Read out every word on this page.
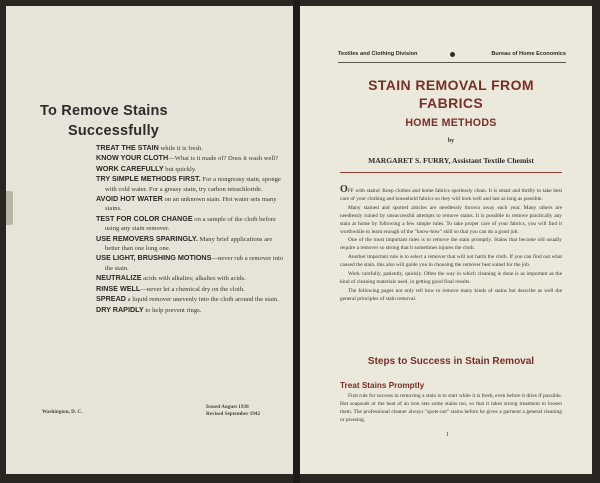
To Remove Stains
Successfully

TREAT THE STAIN while it is fresh.

KNOW YOUR CLOTH—What is it made of? Does it wash well?

WORK CAREFULLY but quickly.

TRY SIMPLE METHODS FIRST. For a nongreasy stain, sponge with cold water. For a greasy stain, try carbon tetrachloride.

AVOID HOT WATER on an unknown stain. Hot water sets many stains.

TEST FOR COLOR CHANGE on a sample of the cloth before using any stain remover.

USE REMOVERS SPARINGLY. Many brief applications are better than one long one.

USE LIGHT, BRUSHING MOTIONS—never rub a remover into the stain.

NEUTRALIZE acids with alkalies; alkalies with acids.

RINSE WELL—never let a chemical dry on the cloth.

SPREAD a liquid remover unevenly into the cloth around the stain.

DRY RAPIDLY to help prevent rings.

Washington, D. C.
Issued August 1938
Revised September 1942
Textiles and Clothing Division	Bureau of Home Economics
STAIN REMOVAL FROM
FABRICS
HOME METHODS
by
MARGARET S. FURRY, Assistant Textile Chemist

OFF with stains! Keep clothes and home fabrics spotlessly clean. It is smart and thrifty to take best care of your clothing and household fabrics so they will look well and last as long as possible.

Many stained and spotted articles are needlessly thrown away each year. Many others are needlessly ruined by unsuccessful attempts to remove stains. It is possible to remove practically any stain at home by following a few simple rules. To take proper care of your fabrics, you will find it worthwhile to learn enough of the "know-how" skill so that you can do a good job.

One of the most important rules is to remove the stain promptly. Stains that become old usually require a remover so strong that it sometimes injures the cloth.

Another important rule is to select a remover that will not harm the cloth. If you can find out what caused the stain, this also will guide you in choosing the remover best suited for the job.

Work carefully, patiently, quickly. Often the way in which cleaning is done is as important as the kind of cleaning materials used, in getting good final results.

The following pages not only tell how to remove many kinds of stains but describe as well the general principles of stain removal.

Steps to Success in Stain Removal
Treat Stains Promptly

First rule for success in removing a stain is to start while it is fresh, even before it dries if possible. Hot soapsuds or the heat of an iron sets some stains too, so that it takes strong treatment to loosen them. The professional cleaner always "spots-out" stains before he gives a garment a general cleaning or pressing.

1
